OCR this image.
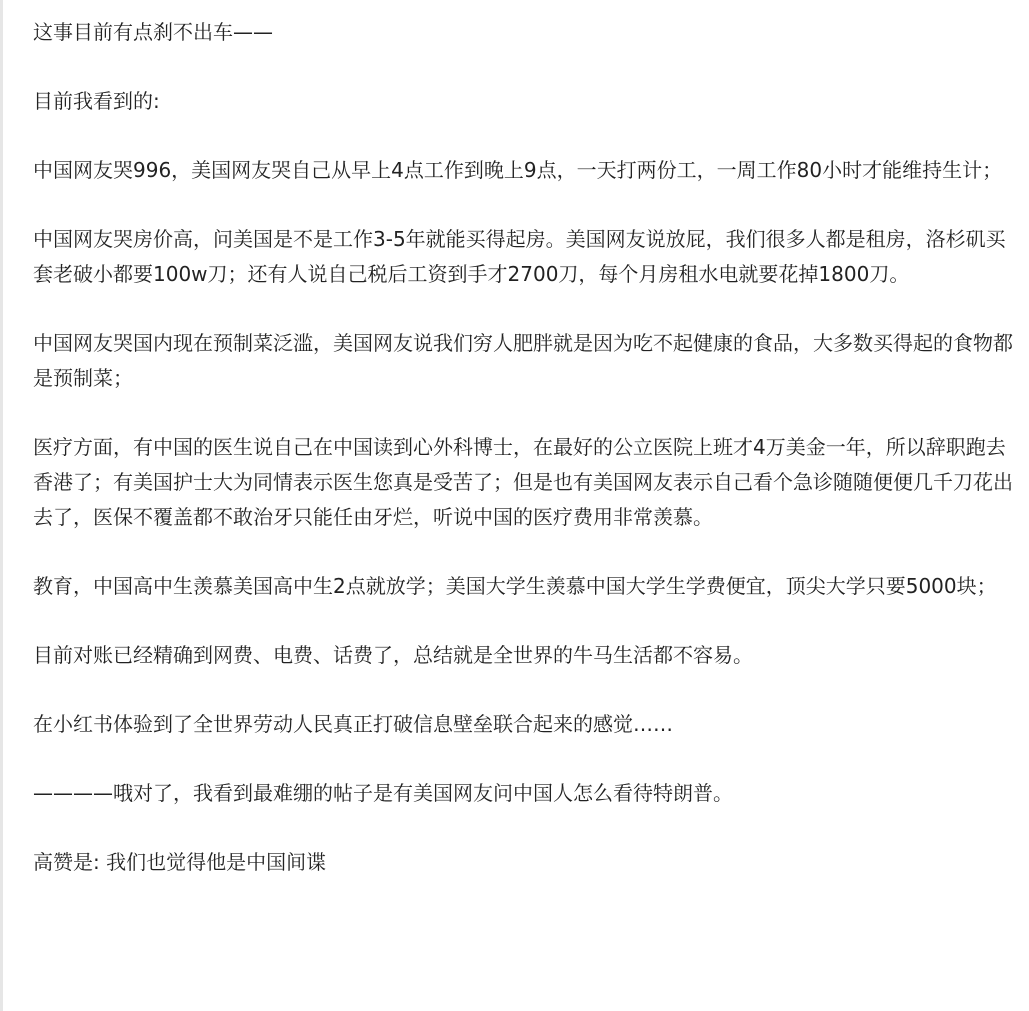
这事目前有点刹不出车——

目前我看到的:

中国网友哭996，美国网友哭自己从早上4点工作到晚上9点，一天打两份工，一周工作80小时才能维持生计；

中国网友哭房价高，问美国是不是工作3-5年就能买得起房。美国网友说放屁，我们很多人都是租房，洛杉矶买套老破小都要100w刀；还有人说自己税后工资到手才2700刀，每个月房租水电就要花掉1800刀。

中国网友哭国内现在预制菜泛滥，美国网友说我们穷人肥胖就是因为吃不起健康的食品，大多数买得起的食物都是预制菜；

医疗方面，有中国的医生说自己在中国读到心外科博士，在最好的公立医院上班才4万美金一年，所以辞职跑去香港了；有美国护士大为同情表示医生您真是受苦了；但是也有美国网友表示自己看个急诊随随便便几千刀花出去了，医保不覆盖都不敢治牙只能任由牙烂，听说中国的医疗费用非常羡慕。

教育，中国高中生羡慕美国高中生2点就放学；美国大学生羡慕中国大学生学费便宜，顶尖大学只要5000块；

目前对账已经精确到网费、电费、话费了，总结就是全世界的牛马生活都不容易。

在小红书体验到了全世界劳动人民真正打破信息壁垒联合起来的感觉……

————哦对了，我看到最难绷的帖子是有美国网友问中国人怎么看待特朗普。

高赞是: 我们也觉得他是中国间谍
